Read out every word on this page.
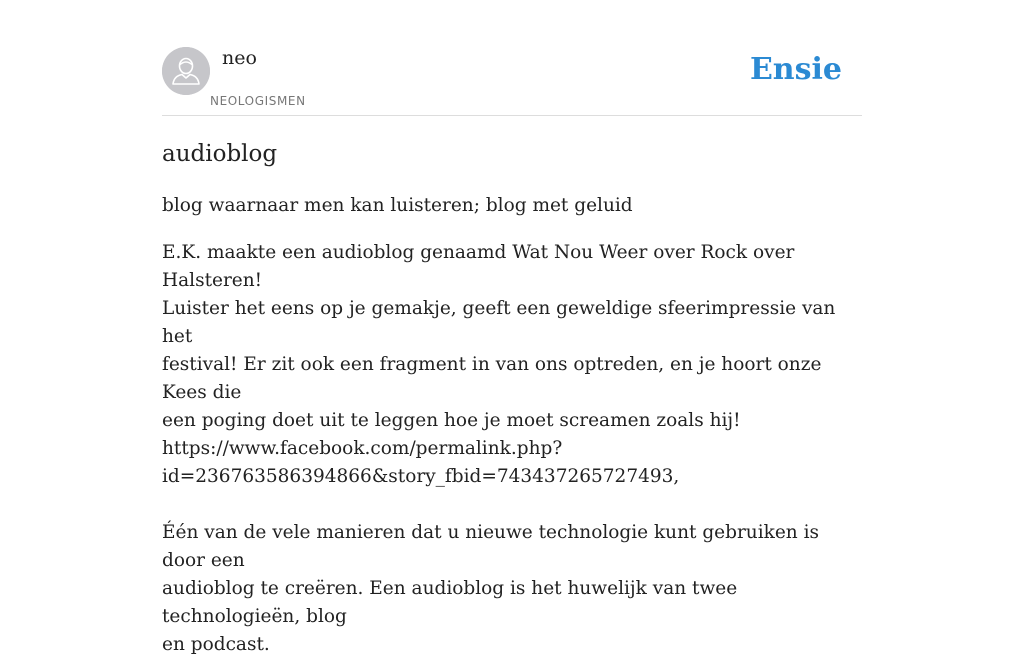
neo
NEOLOGISMEN
Ensie
audioblog
blog waarnaar men kan luisteren; blog met geluid

E.K. maakte een audioblog genaamd Wat Nou Weer over Rock over Halsteren!

Luister het eens op je gemakje, geeft een geweldige sfeerimpressie van het

festival! Er zit ook een fragment in van ons optreden, en je hoort onze Kees die

een poging doet uit te leggen hoe je moet screamen zoals hij!

https://www.facebook.com/permalink.php?

id=236763586394866&story_fbid=743437265727493,

Één van de vele manieren dat u nieuwe technologie kunt gebruiken is door een

audioblog te creëren. Een audioblog is het huwelijk van twee technologieën, blog

en podcast.
